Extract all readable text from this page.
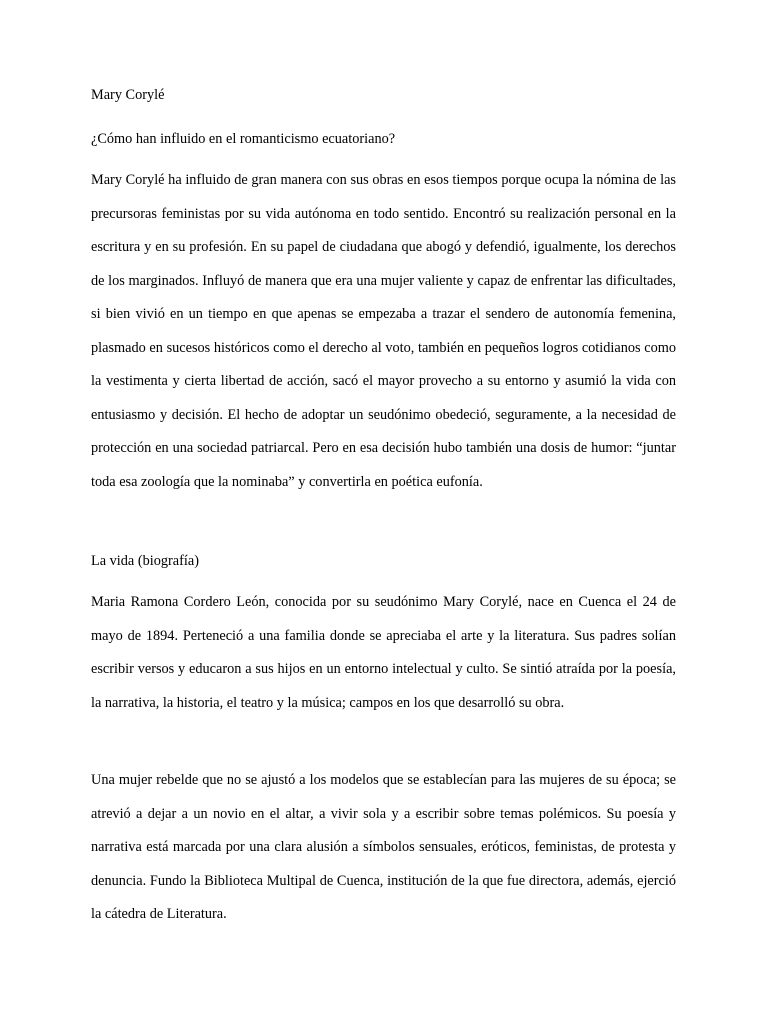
Mary Corylé

¿Cómo han influido en el romanticismo ecuatoriano?

Mary Corylé ha influido de gran manera con sus obras en esos tiempos porque ocupa la nómina de las precursoras feministas por su vida autónoma en todo sentido. Encontró su realización personal en la escritura y en su profesión. En su papel de ciudadana que abogó y defendió, igualmente, los derechos de los marginados. Influyó de manera que era una mujer valiente y capaz de enfrentar las dificultades, si bien vivió en un tiempo en que apenas se empezaba a trazar el sendero de autonomía femenina, plasmado en sucesos históricos como el derecho al voto, también en pequeños logros cotidianos como la vestimenta y cierta libertad de acción, sacó el mayor provecho a su entorno y asumió la vida con entusiasmo y decisión. El hecho de adoptar un seudónimo obedeció, seguramente, a la necesidad de protección en una sociedad patriarcal. Pero en esa decisión hubo también una dosis de humor: “juntar toda esa zoología que la nominaba” y convertirla en poética eufonía.

La vida (biografía)

Maria Ramona Cordero León, conocida por su seudónimo Mary Corylé, nace en Cuenca el 24 de mayo de 1894. Perteneció a una familia donde se apreciaba el arte y la literatura. Sus padres solían escribir versos y educaron a sus hijos en un entorno intelectual y culto. Se sintió atraída por la poesía, la narrativa, la historia, el teatro y la música; campos en los que desarrolló su obra.

Una mujer rebelde que no se ajustó a los modelos que se establecían para las mujeres de su época; se atrevió a dejar a un novio en el altar, a vivir sola y a escribir sobre temas polémicos. Su poesía y narrativa está marcada por una clara alusión a símbolos sensuales, eróticos, feministas, de protesta y denuncia. Fundo la Biblioteca Multipal de Cuenca, institución de la que fue directora, además, ejerció la cátedra de Literatura.
